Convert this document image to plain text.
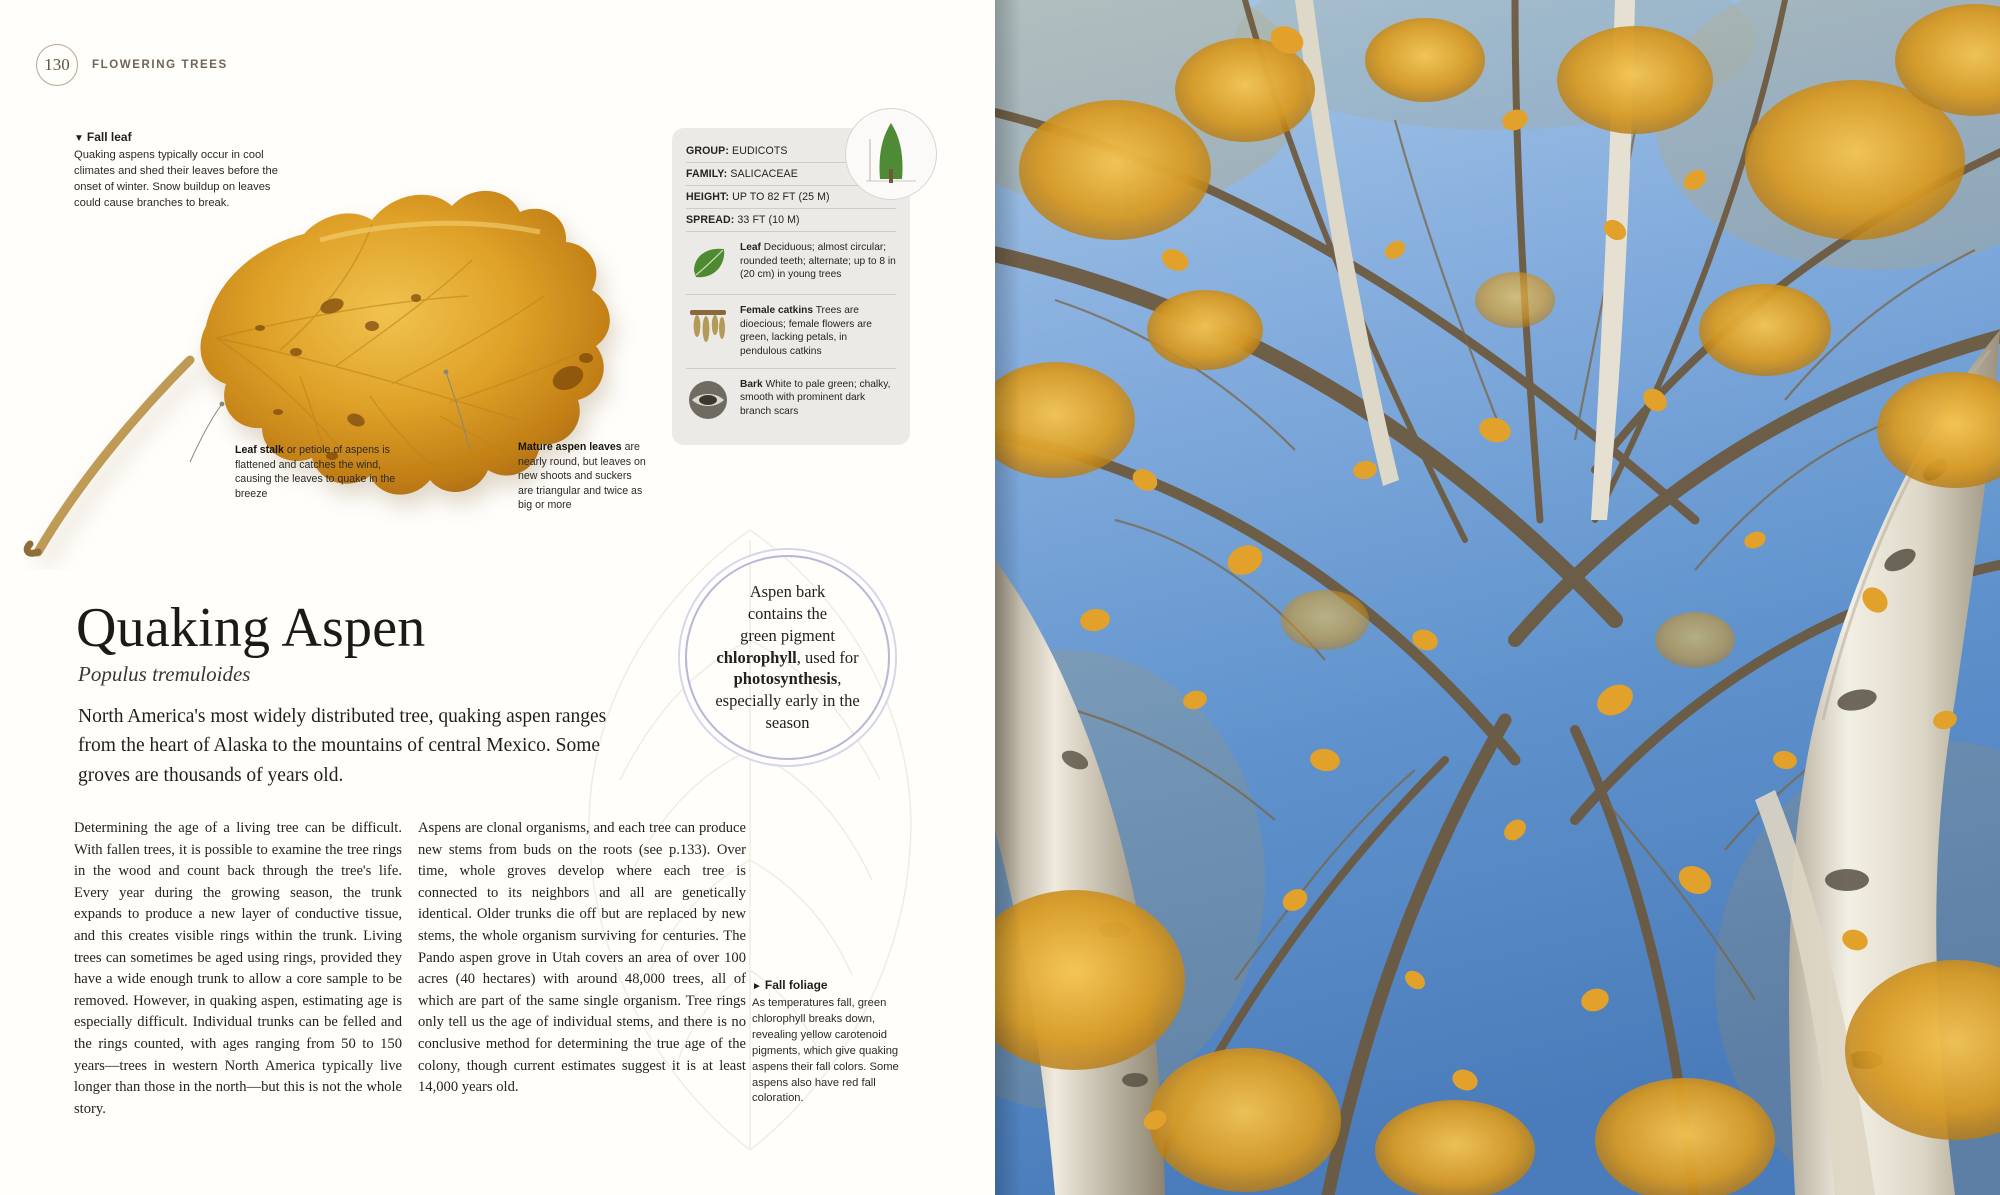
130	FLOWERING TREES
▼ Fall leaf
Quaking aspens typically occur in cool climates and shed their leaves before the onset of winter. Snow buildup on leaves could cause branches to break.
Leaf stalk or petiole of aspens is flattened and catches the wind, causing the leaves to quake in the breeze
Mature aspen leaves are nearly round, but leaves on new shoots and suckers are triangular and twice as big or more
GROUP: EUDICOTS
FAMILY: SALICACEAE
HEIGHT: UP TO 82 FT (25 M)
SPREAD: 33 FT (10 M)
Leaf Deciduous; almost circular; rounded teeth; alternate; up to 8 in (20 cm) in young trees
Female catkins Trees are dioecious; female flowers are green, lacking petals, in pendulous catkins
Bark White to pale green; chalky, smooth with prominent dark branch scars
Quaking Aspen
Populus tremuloides
North America's most widely distributed tree, quaking aspen ranges from the heart of Alaska to the mountains of central Mexico. Some groves are thousands of years old.
Determining the age of a living tree can be difficult. With fallen trees, it is possible to examine the tree rings in the wood and count back through the tree's life. Every year during the growing season, the trunk expands to produce a new layer of conductive tissue, and this creates visible rings within the trunk. Living trees can sometimes be aged using rings, provided they have a wide enough trunk to allow a core sample to be removed. However, in quaking aspen, estimating age is especially difficult. Individual trunks can be felled and the rings counted, with ages ranging from 50 to 150 years—trees in western North America typically live longer than those in the north—but this is not the whole story.
Aspens are clonal organisms, and each tree can produce new stems from buds on the roots (see p.133). Over time, whole groves develop where each tree is connected to its neighbors and all are genetically identical. Older trunks die off but are replaced by new stems, the whole organism surviving for centuries. The Pando aspen grove in Utah covers an area of over 100 acres (40 hectares) with around 48,000 trees, all of which are part of the same single organism. Tree rings only tell us the age of individual stems, and there is no conclusive method for determining the true age of the colony, though current estimates suggest it is at least 14,000 years old.
Aspen bark
contains the
green pigment
chlorophyll, used for
photosynthesis, especially early in the season
► Fall foliage
As temperatures fall, green chlorophyll breaks down, revealing yellow carotenoid pigments, which give quaking aspens their fall colors. Some aspens also have red fall coloration.
